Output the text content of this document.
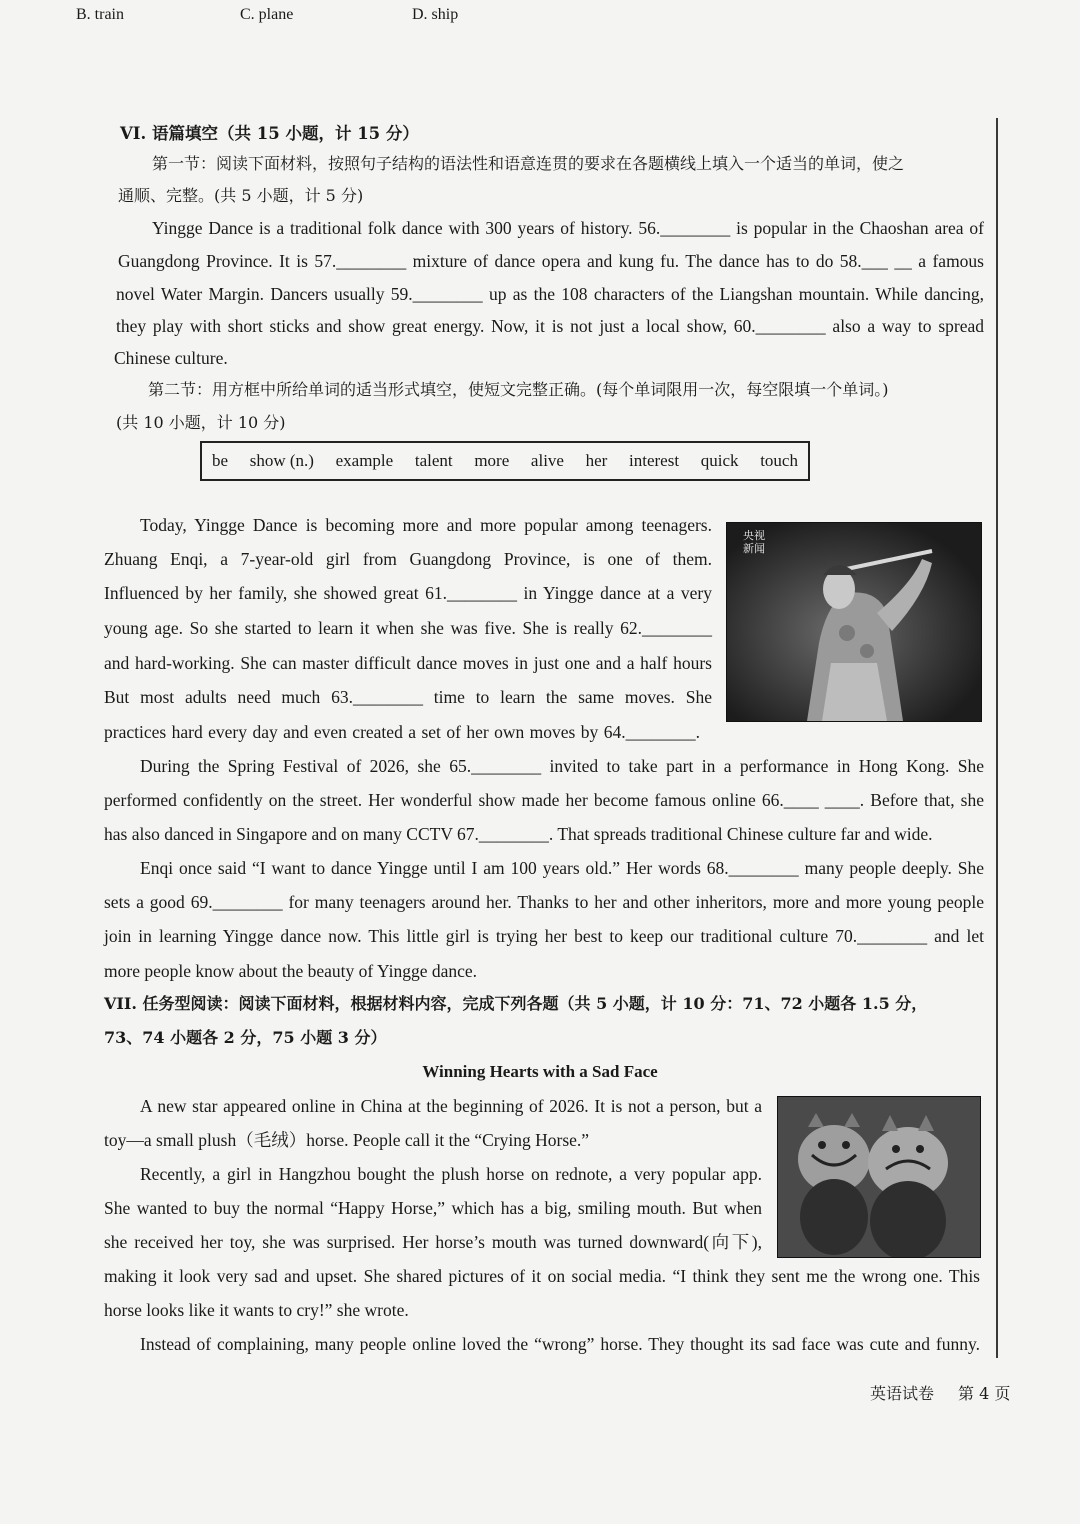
B. train	C. plane	D. ship
VI. 语篇填空（共 15 小题，计 15 分）
第一节：阅读下面材料，按照句子结构的语法性和语意连贯的要求在各题横线上填入一个适当的单词，使之
通顺、完整。(共 5 小题，计 5 分)
Yingge Dance is a traditional folk dance with 300 years of history. 56.________ is popular in the Chaoshan area of
Guangdong Province. It is 57.________ mixture of dance opera and kung fu. The dance has to do 58.___ __ a famous
novel Water Margin. Dancers usually 59.________ up as the 108 characters of the Liangshan mountain. While dancing,
they play with short sticks and show great energy. Now, it is not just a local show, 60.________ also a way to spread
Chinese culture.
第二节：用方框中所给单词的适当形式填空，使短文完整正确。(每个单词限用一次，每空限填一个单词。)
(共 10 小题，计 10 分)
be show (n.) example talent more alive her interest quick touch
Today, Yingge Dance is becoming more and more popular among teenagers.
Zhuang Enqi, a 7-year-old girl from Guangdong Province, is one of them.
Influenced by her family, she showed great 61.________ in Yingge dance at a very
young age. So she started to learn it when she was five. She is really 62.________
and hard-working. She can master difficult dance moves in just one and a half hours
But most adults need much 63.________ time to learn the same moves. She
practices hard every day and even created a set of her own moves by 64.________.
央视
新闻
During the Spring Festival of 2026, she 65.________ invited to take part in a performance in Hong Kong. She
performed confidently on the street. Her wonderful show made her become famous online 66.____ ____. Before that, she
has also danced in Singapore and on many CCTV 67.________. That spreads traditional Chinese culture far and wide.
Enqi once said “I want to dance Yingge until I am 100 years old.” Her words 68.________ many people deeply. She
sets a good 69.________ for many teenagers around her. Thanks to her and other inheritors, more and more young people
join in learning Yingge dance now. This little girl is trying her best to keep our traditional culture 70.________ and let
more people know about the beauty of Yingge dance.
VII. 任务型阅读：阅读下面材料，根据材料内容，完成下列各题（共 5 小题，计 10 分：71、72 小题各 1.5 分，
73、74 小题各 2 分，75 小题 3 分）
Winning Hearts with a Sad Face
A new star appeared online in China at the beginning of 2026. It is not a person, but a
toy—a small plush（毛绒）horse. People call it the “Crying Horse.”
Recently, a girl in Hangzhou bought the plush horse on rednote, a very popular app.
She wanted to buy the normal “Happy Horse,” which has a big, smiling mouth. But when
she received her toy, she was surprised. Her horse’s mouth was turned downward(向下),
making it look very sad and upset. She shared pictures of it on social media. “I think they sent me the wrong one. This
horse looks like it wants to cry!” she wrote.
Instead of complaining, many people online loved the “wrong” horse. They thought its sad face was cute and funny.
英语试卷 第 4 页
